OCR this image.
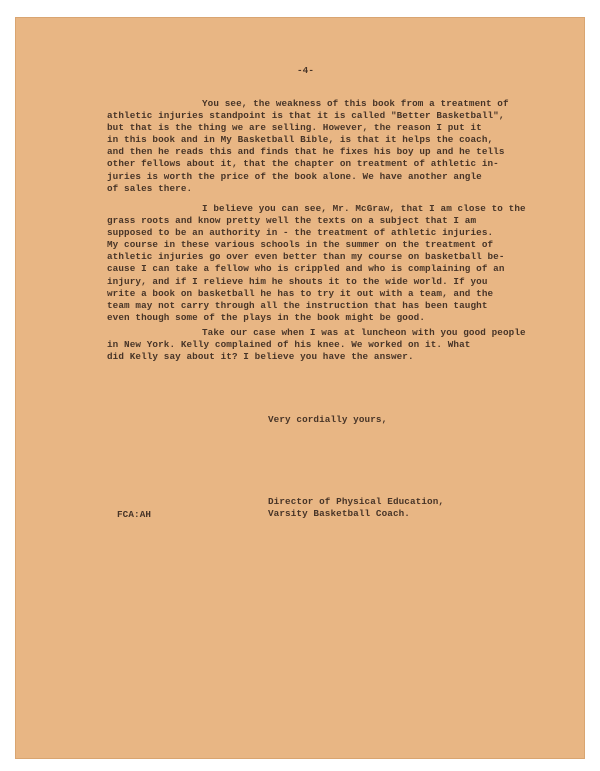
-4-
You see, the weakness of this book from a treatment of
athletic injuries standpoint is that it is called "Better Basketball",
but that is the thing we are selling. However, the reason I put it
in this book and in My Basketball Bible, is that it helps the coach,
and then he reads this and finds that he fixes his boy up and he tells
other fellows about it, that the chapter on treatment of athletic in-
juries is worth the price of the book alone. We have another angle
of sales there.
I believe you can see, Mr. McGraw, that I am close to the
grass roots and know pretty well the texts on a subject that I am
supposed to be an authority in - the treatment of athletic injuries.
My course in these various schools in the summer on the treatment of
athletic injuries go over even better than my course on basketball be-
cause I can take a fellow who is crippled and who is complaining of an
injury, and if I relieve him he shouts it to the wide world. If you
write a book on basketball he has to try it out with a team, and the
team may not carry through all the instruction that has been taught
even though some of the plays in the book might be good.
Take our case when I was at luncheon with you good people
in New York. Kelly complained of his knee. We worked on it. What
did Kelly say about it? I believe you have the answer.
Very cordially yours,
Director of Physical Education,
Varsity Basketball Coach.
FCA:AH
